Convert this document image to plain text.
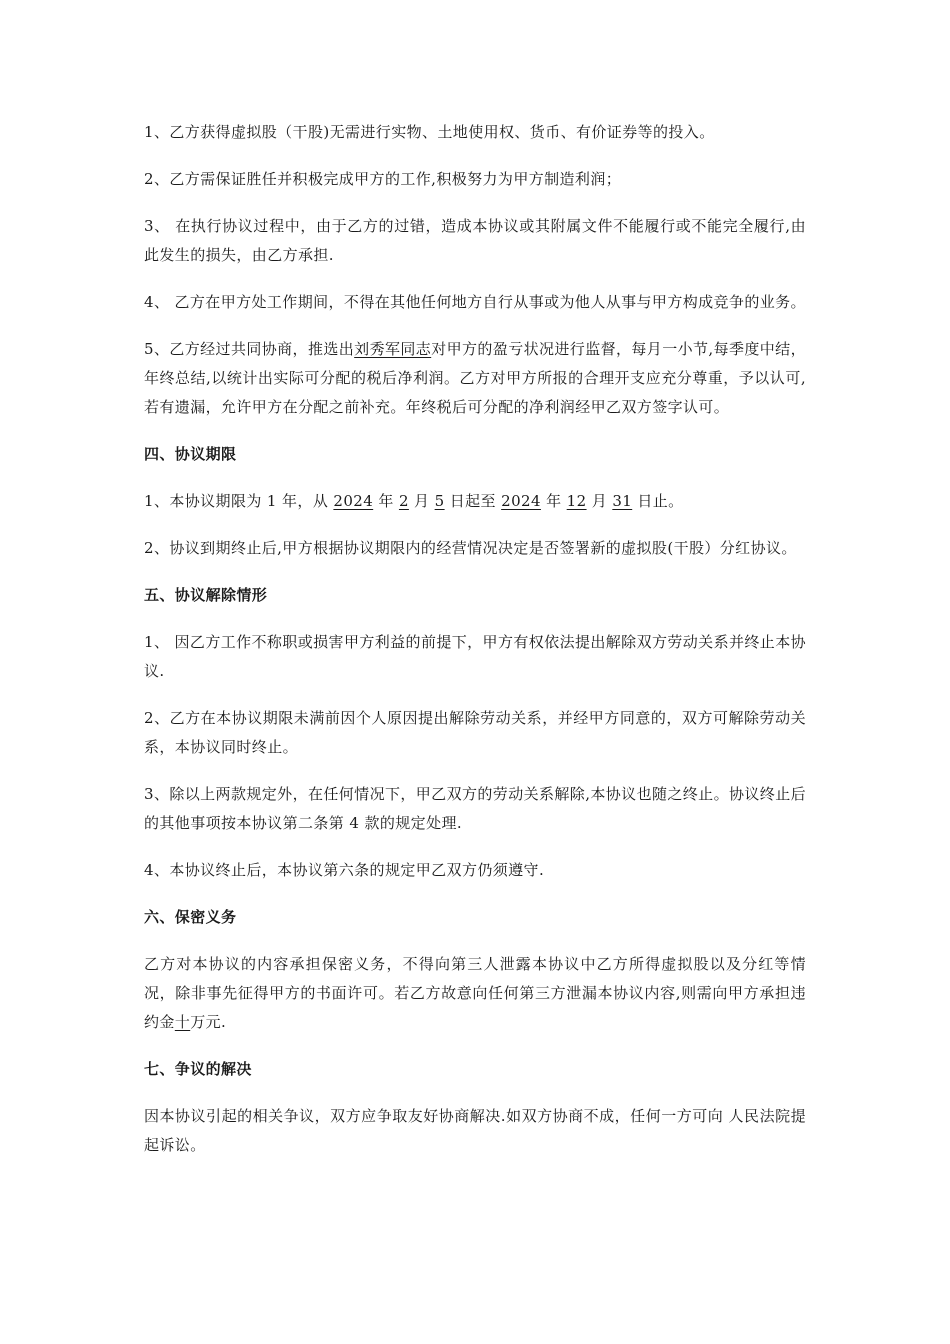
1、乙方获得虚拟股（干股)无需进行实物、土地使用权、货币、有价证券等的投入。

2、乙方需保证胜任并积极完成甲方的工作,积极努力为甲方制造利润；

3、 在执行协议过程中，由于乙方的过错，造成本协议或其附属文件不能履行或不能完全履行,由此发生的损失，由乙方承担.

4、 乙方在甲方处工作期间，不得在其他任何地方自行从事或为他人从事与甲方构成竞争的业务。

5、乙方经过共同协商，推选出刘秀军同志对甲方的盈亏状况进行监督，每月一小节,每季度中结，年终总结,以统计出实际可分配的税后净利润。乙方对甲方所报的合理开支应充分尊重，予以认可,若有遗漏，允许甲方在分配之前补充。年终税后可分配的净利润经甲乙双方签字认可。

四、协议期限

1、本协议期限为 1 年，从 2024 年 2 月 5 日起至 2024 年 12 月 31 日止。

2、协议到期终止后,甲方根据协议期限内的经营情况决定是否签署新的虚拟股(干股）分红协议。

五、协议解除情形

1、 因乙方工作不称职或损害甲方利益的前提下，甲方有权依法提出解除双方劳动关系并终止本协议.

2、乙方在本协议期限未满前因个人原因提出解除劳动关系，并经甲方同意的，双方可解除劳动关系，本协议同时终止。

3、除以上两款规定外，在任何情况下，甲乙双方的劳动关系解除,本协议也随之终止。协议终止后的其他事项按本协议第二条第 4 款的规定处理.

4、本协议终止后，本协议第六条的规定甲乙双方仍须遵守.

六、保密义务

乙方对本协议的内容承担保密义务，不得向第三人泄露本协议中乙方所得虚拟股以及分红等情况，除非事先征得甲方的书面许可。若乙方故意向任何第三方泄漏本协议内容,则需向甲方承担违约金十万元.

七、争议的解决

因本协议引起的相关争议，双方应争取友好协商解决.如双方协商不成，任何一方可向 人民法院提起诉讼。
